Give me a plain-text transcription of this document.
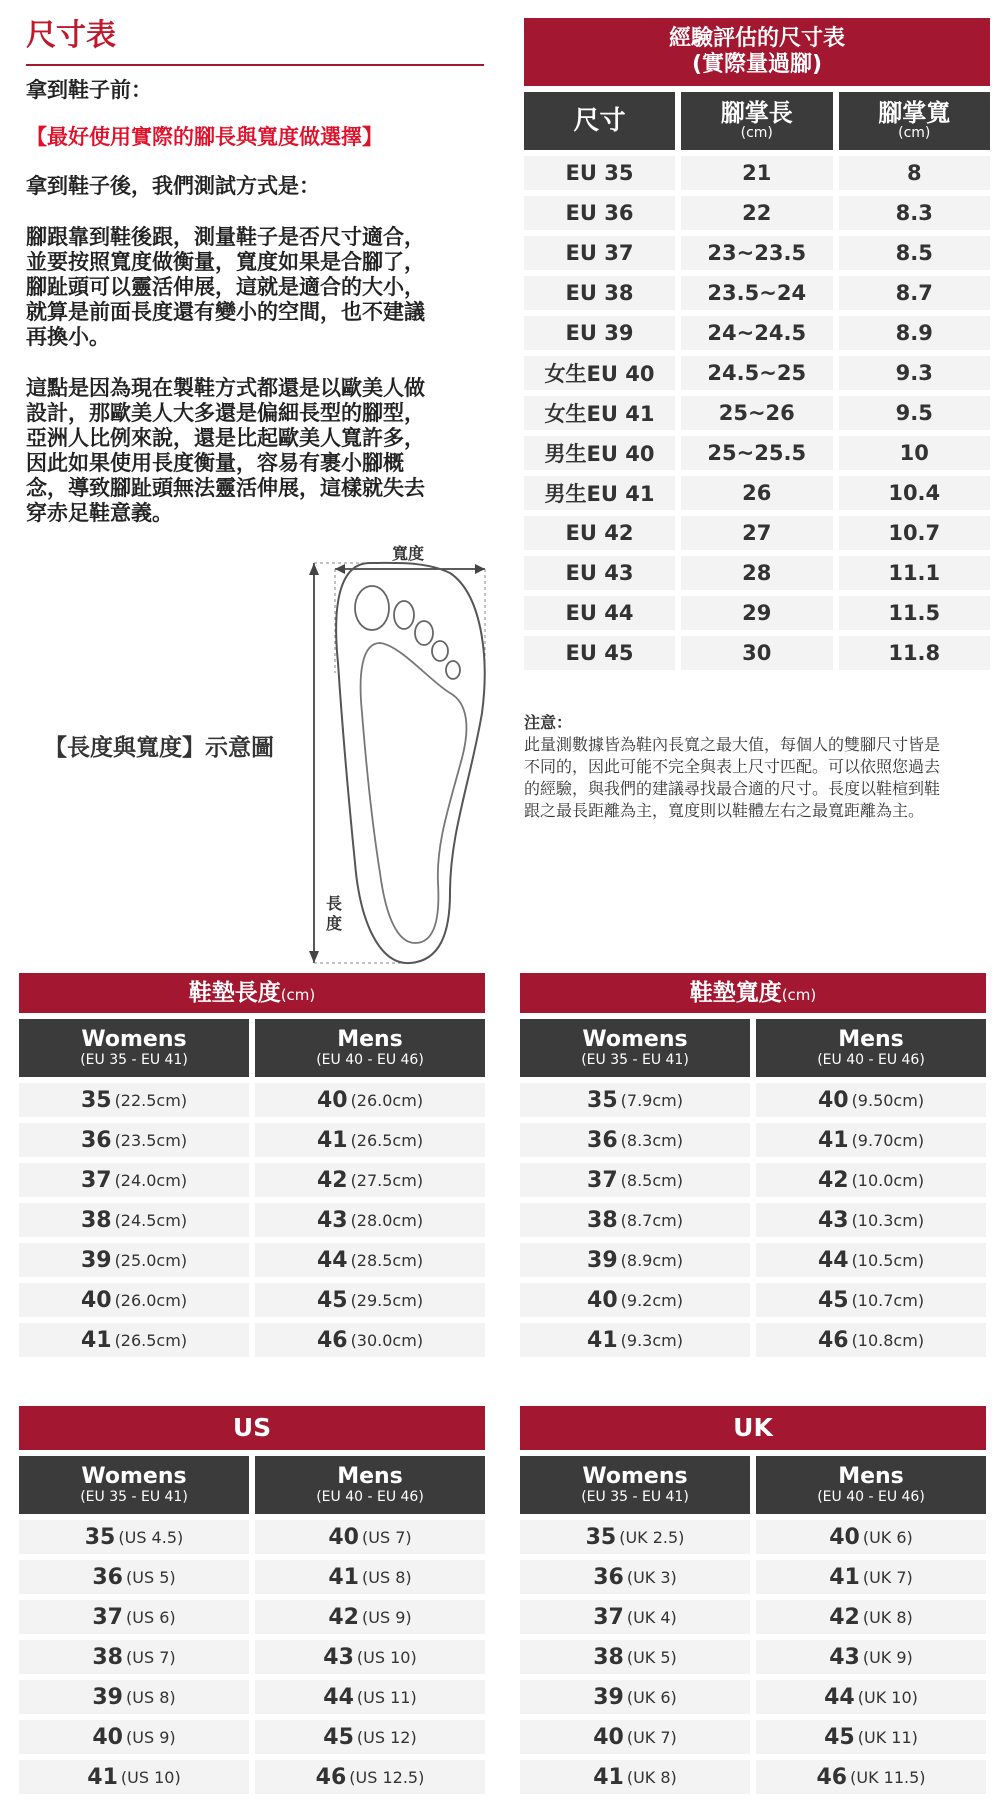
尺寸表
拿到鞋子前：
【最好使用實際的腳長與寬度做選擇】
拿到鞋子後，我們測試方式是：
腳跟靠到鞋後跟，測量鞋子是否尺寸適合，
並要按照寬度做衡量，寬度如果是合腳了，
腳趾頭可以靈活伸展，這就是適合的大小，
就算是前面長度還有變小的空間，也不建議
再換小。
這點是因為現在製鞋方式都還是以歐美人做
設計，那歐美人大多還是偏細長型的腳型，
亞洲人比例來說，還是比起歐美人寬許多，
因此如果使用長度衡量，容易有裹小腳概
念，導致腳趾頭無法靈活伸展，這樣就失去
穿赤足鞋意義。
【長度與寬度】示意圖
寬度
長
度
經驗評估的尺寸表
(實際量過腳)
尺寸	腳掌長
(cm)
腳掌寬
(cm)
EU 35	21	8
EU 36	22	8.3
EU 37	23~23.5	8.5
EU 38	23.5~24	8.7
EU 39	24~24.5	8.9
女生EU 40	24.5~25	9.3
女生EU 41	25~26	9.5
男生EU 40	25~25.5	10
男生EU 41	26	10.4
EU 42	27	10.7
EU 43	28	11.1
EU 44	29	11.5
EU 45	30	11.8
注意：
此量測數據皆為鞋內長寬之最大值，每個人的雙腳尺寸皆是
不同的，因此可能不完全與表上尺寸匹配。可以依照您過去
的經驗，與我們的建議尋找最合適的尺寸。長度以鞋楦到鞋
跟之最長距離為主，寬度則以鞋體左右之最寬距離為主。
鞋墊長度(cm)
Womens
(EU 35 - EU 41)
Mens
(EU 40 - EU 46)
35 (22.5cm)	40 (26.0cm)
36 (23.5cm)	41 (26.5cm)
37 (24.0cm)	42 (27.5cm)
38 (24.5cm)	43 (28.0cm)
39 (25.0cm)	44 (28.5cm)
40 (26.0cm)	45 (29.5cm)
41 (26.5cm)	46 (30.0cm)
鞋墊寬度(cm)
Womens
(EU 35 - EU 41)
Mens
(EU 40 - EU 46)
35 (7.9cm)	40 (9.50cm)
36 (8.3cm)	41 (9.70cm)
37 (8.5cm)	42 (10.0cm)
38 (8.7cm)	43 (10.3cm)
39 (8.9cm)	44 (10.5cm)
40 (9.2cm)	45 (10.7cm)
41 (9.3cm)	46 (10.8cm)
US
Womens
(EU 35 - EU 41)
Mens
(EU 40 - EU 46)
35 (US 4.5)	40 (US 7)
36 (US 5)	41 (US 8)
37 (US 6)	42 (US 9)
38 (US 7)	43 (US 10)
39 (US 8)	44 (US 11)
40 (US 9)	45 (US 12)
41 (US 10)	46 (US 12.5)
UK
Womens
(EU 35 - EU 41)
Mens
(EU 40 - EU 46)
35 (UK 2.5)	40 (UK 6)
36 (UK 3)	41 (UK 7)
37 (UK 4)	42 (UK 8)
38 (UK 5)	43 (UK 9)
39 (UK 6)	44 (UK 10)
40 (UK 7)	45 (UK 11)
41 (UK 8)	46 (UK 11.5)
